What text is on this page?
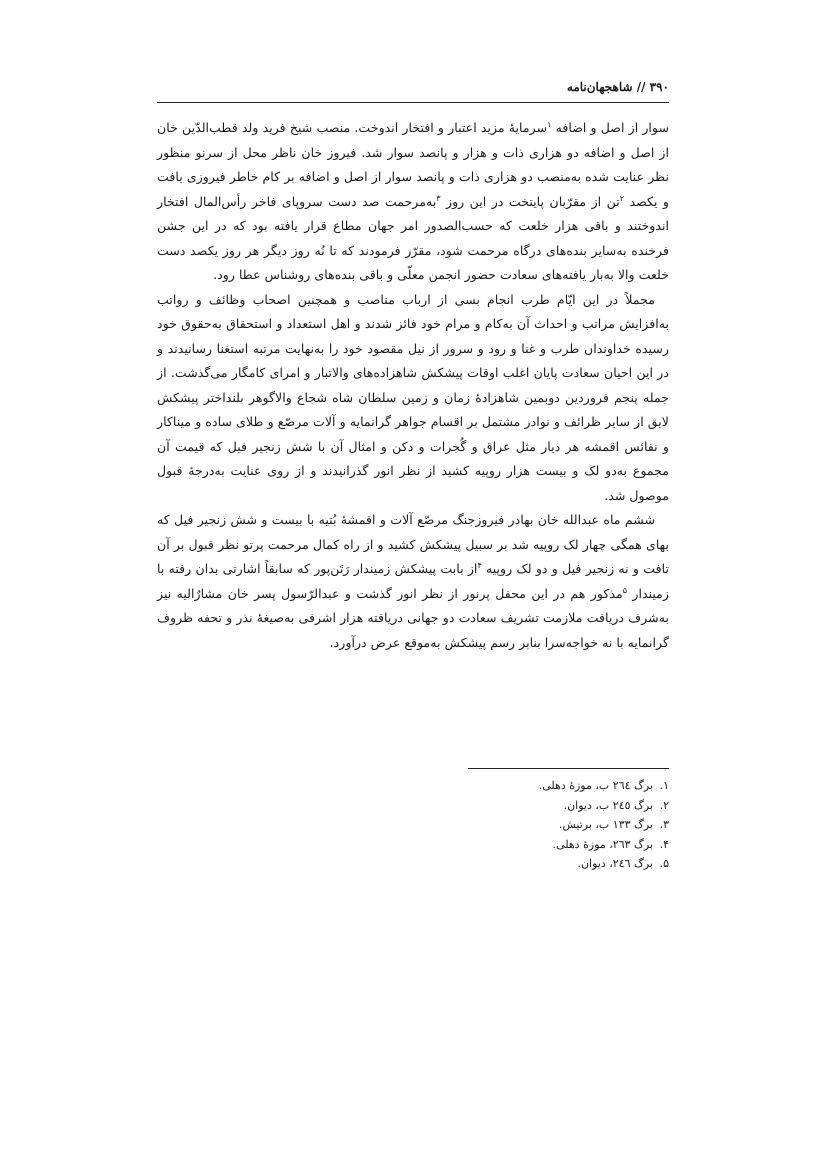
۳۹۰ // شاهجهان‌نامه

سوار از اصل و اضافه $^۱$سرمایهٔ مزید اعتبار و افتخار اندوخت. منصب شیخ فرید ولد قطب‌الدّین خان از اصل و اضافه دو هزاری ذات و هزار و پانصد سوار شد. فیروز خان ناظر محل از سرنو منظور نظر عنایت شده به‌منصب دو هزاری ذات و پانصد سوار از اصل و اضافه بر کام خاطر فیروزی یافت و یکصد $^۲$تن از مقرّبان پایتخت در این روز $^۳$به‌مرحمت صد دست سروپای فاخر رأس‌المال افتخار اندوختند و باقی هزار خلعت که حسب‌الصدور امر جهان مطاع قرار یافته بود که در این جشن فرخنده به‌سایر بنده‌های درگاه مرحمت شود، مقرّر فرمودند که تا نُه روز دیگر هر روز یکصد دست خلعت والا به‌بار یافته‌های سعادت حضور انجمن معلّی و باقی بنده‌های روشناس عطا رود.

مجملاً در این ایّام طرب انجام بسی از ارباب مناصب و همچنین اصحاب وظائف و رواتب به‌افزایش مراتب و احداث آن به‌کام و مرام خود فائز شدند و اهل استعداد و استحقاق به‌حقوق خود رسیده خداونداں طرب و غنا و رود و سرور از نیل مقصود خود را به‌نهایت مرتبه استغنا رسانیدند و در این احیان سعادت پایان اغلب اوقات پیشکش شاهزاده‌های والاتبار و امرای کامگار می‌گذشت. از جمله پنجم فروردین دوبمین شاهزادهٔ زمان و زمین سلطان شاه شجاع والاگوهر بلنداختر پیشکش لایق از سایر ظرائف و نوادر مشتمل بر اقسام جواهر گرانمایه و آلات مرصّع و طلای ساده و میناکار و نفائس اقمشه هر دیار مثل عراق و گُجرات و دکن و امثال آن با شش زنجیر فیل که قیمت آن مجموع به‌دو لک و بیست هزار روپیه کشید از نظر انور گذرانیدند و از روی عنایت به‌درجهٔ قبول موصول شد.

ششم ماه عبدالله خان بهادر فیروزجنگ مرصّع آلات و اقمشهٔ بُتیه با بیست و شش زنجیر فیل که بهای همگی چهار لک روپیه شد بر سبیل پیشکش کشید و از راه کمال مرحمت پرتو نظر قبول بر آن تافت و نه زنجیر فیل و دو لک روپیه $^۴$از بابت پیشکش زمیندار رَتَن‌پور که سابقاً اشارتی بدان رفته با زمیندار $^۵$مذکور هم در این محفل پرنور از نظر انور گذشت و عبدالرّسول پسر خان مشارٌالیه نیز به‌شرف دریافت ملازمت تشریف سعادت دو جهانی دریافته هزار اشرفی به‌صیغهٔ نذر و تحفه ظروف گرانمایه با نه خواجه‌سرا بنابر رسم پیشکش به‌موقع عرض درآورد.

۱.برگ ۲٦٤ ب، موزهٔ دهلی.
۲.برگ ۲٤٥ ب، دیوان.
۳.برگ ۱۳۳ ب، برتیش.
۴.برگ ۲٦۳، موزهٔ دهلی.
۵.برگ ۲٤٦، دیوان.
